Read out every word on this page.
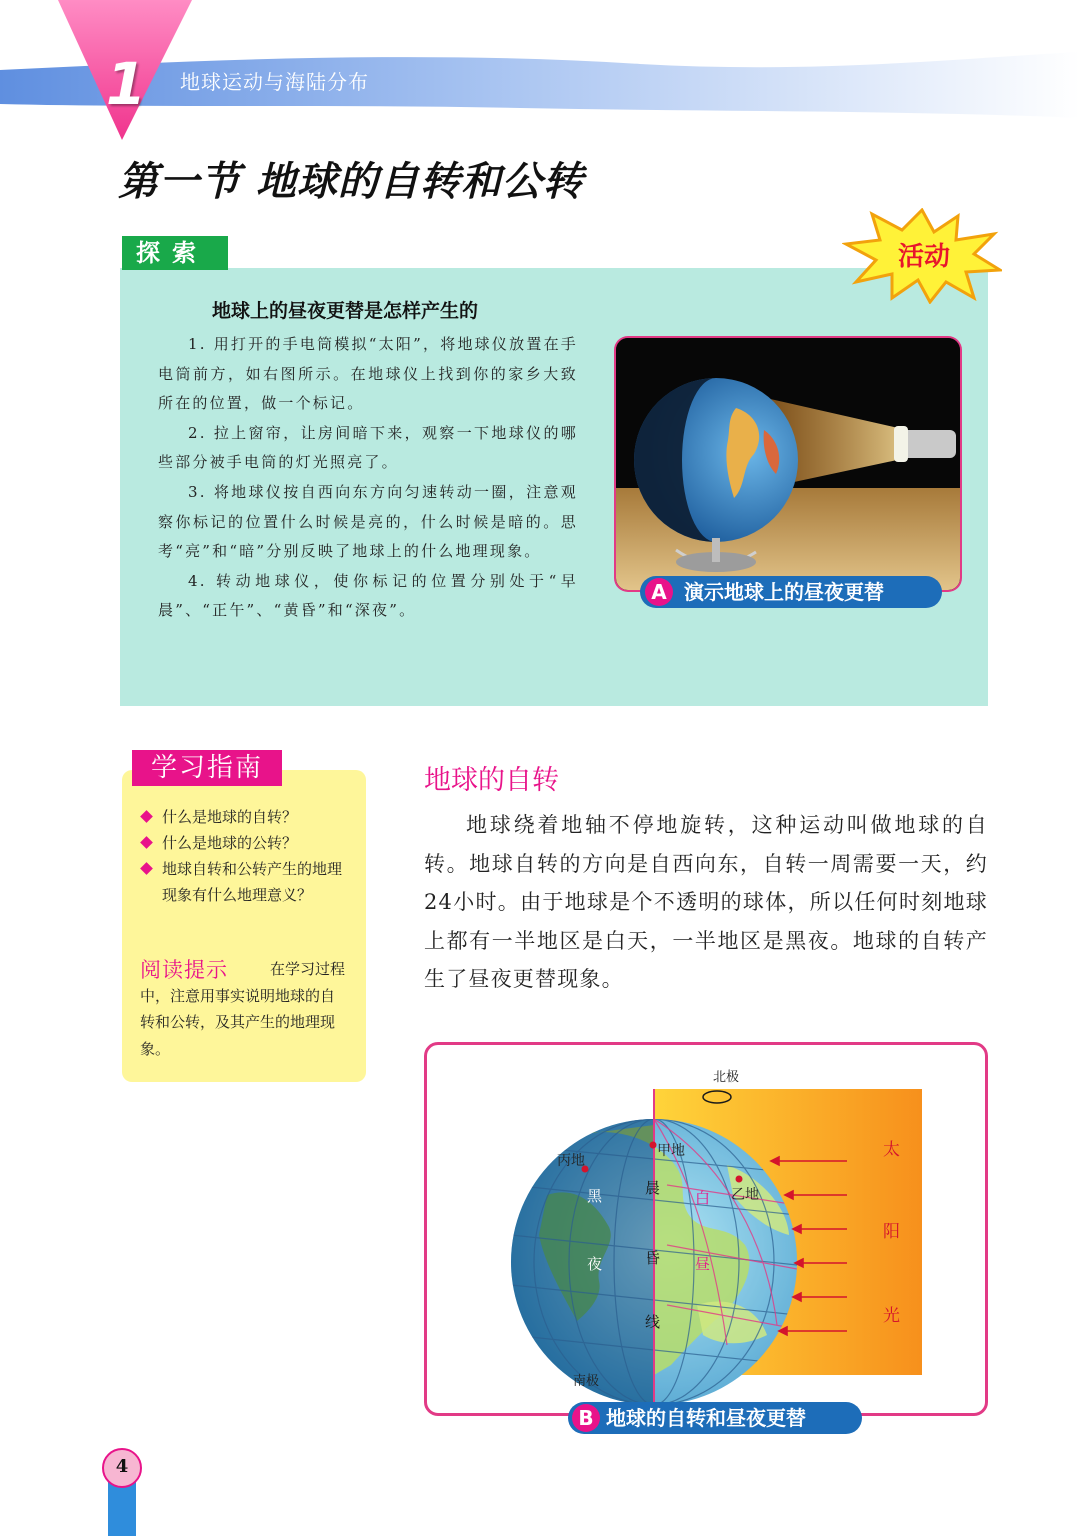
1	地球运动与海陆分布
第一节 地球的自转和公转
探索	活动
地球上的昼夜更替是怎样产生的

1. 用打开的手电筒模拟“太阳”，将地球仪放置在手电筒前方，如右图所示。在地球仪上找到你的家乡大致所在的位置，做一个标记。

2. 拉上窗帘，让房间暗下来，观察一下地球仪的哪些部分被手电筒的灯光照亮了。

3. 将地球仪按自西向东方向匀速转动一圈，注意观察你标记的位置什么时候是亮的，什么时候是暗的。思考“亮”和“暗”分别反映了地球上的什么地理现象。

4. 转动地球仪，使你标记的位置分别处于“早晨”、“正午”、“黄昏”和“深夜”。

A 演示地球上的昼夜更替
学习指南
什么是地球的自转？
什么是地球的公转？
地球自转和公转产生的地理现象有什么地理意义？
阅读提示	在学习过程中，注意用事实说明地球的自转和公转，及其产生的地理现象。
地球的自转
地球绕着地轴不停地旋转，这种运动叫做地球的自转。地球自转的方向是自西向东，自转一周需要一天，约24小时。由于地球是个不透明的球体，所以任何时刻地球上都有一半地区是白天，一半地区是黑夜。地球的自转产生了昼夜更替现象。
北极
南极
甲地
乙地
丙地
黑
夜
晨
昏
线
白
昼
太
阳
光
B 地球的自转和昼夜更替
4
